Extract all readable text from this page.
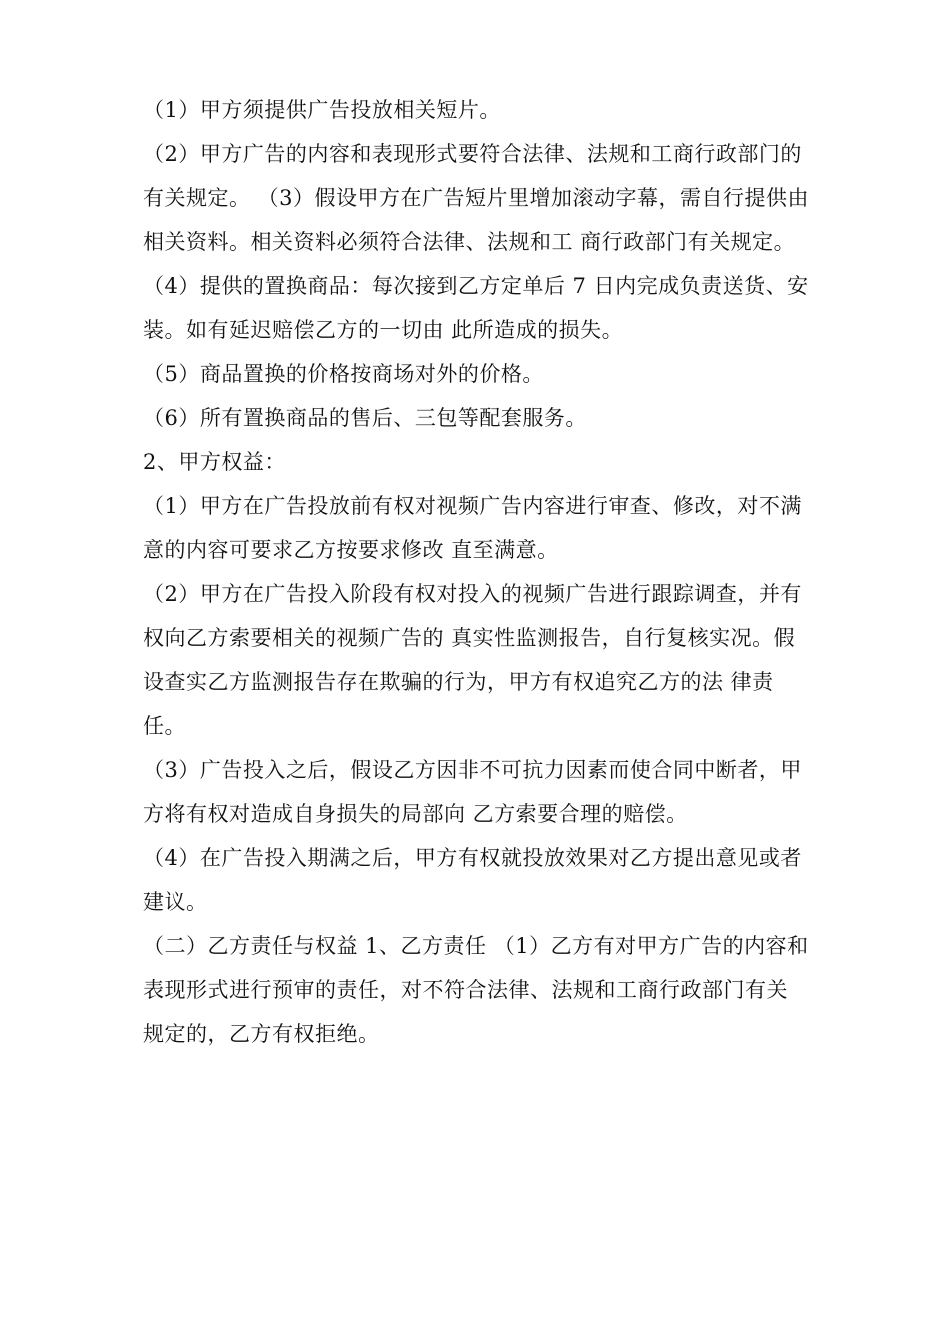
（1）甲方须提供广告投放相关短片。

（2）甲方广告的内容和表现形式要符合法律、法规和工商行政部门的有关规定。 （3）假设甲方在广告短片里增加滚动字幕，需自行提供由相关资料。相关资料必须符合法律、法规和工 商行政部门有关规定。

（4）提供的置换商品：每次接到乙方定单后 7 日内完成负责送货、安装。如有延迟赔偿乙方的一切由 此所造成的损失。

（5）商品置换的价格按商场对外的价格。

（6）所有置换商品的售后、三包等配套服务。

2、甲方权益：

（1）甲方在广告投放前有权对视频广告内容进行审查、修改，对不满意的内容可要求乙方按要求修改 直至满意。

（2）甲方在广告投入阶段有权对投入的视频广告进行跟踪调查，并有权向乙方索要相关的视频广告的 真实性监测报告，自行复核实况。假设查实乙方监测报告存在欺骗的行为，甲方有权追究乙方的法 律责任。

（3）广告投入之后，假设乙方因非不可抗力因素而使合同中断者，甲方将有权对造成自身损失的局部向 乙方索要合理的赔偿。

（4）在广告投入期满之后，甲方有权就投放效果对乙方提出意见或者建议。

（二）乙方责任与权益 1、乙方责任 （1）乙方有对甲方广告的内容和表现形式进行预审的责任，对不符合法律、法规和工商行政部门有关 规定的，乙方有权拒绝。
